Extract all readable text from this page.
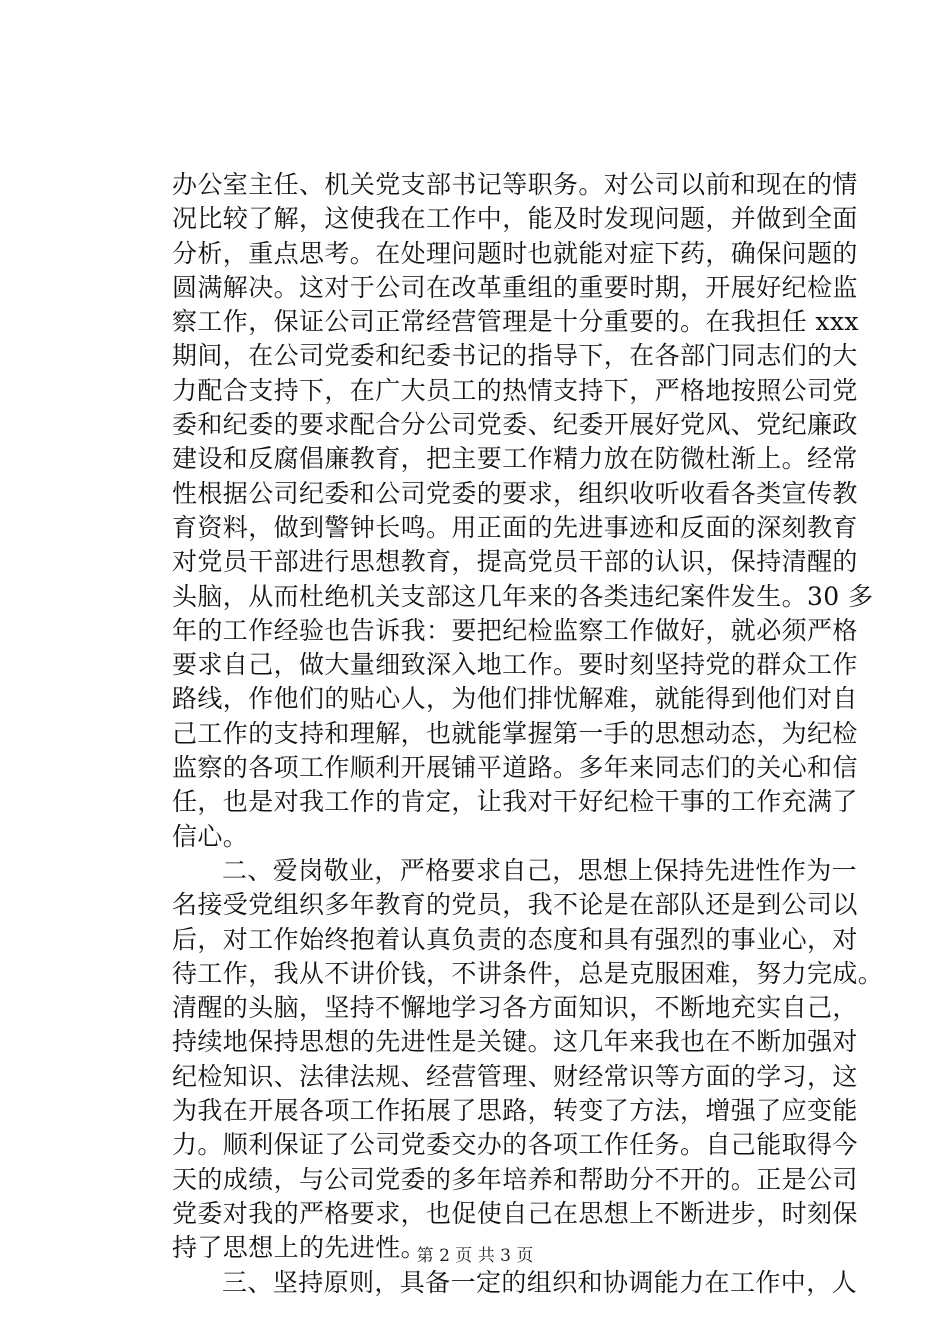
办公室主任、机关党支部书记等职务。对公司以前和现在的情
况比较了解，这使我在工作中，能及时发现问题，并做到全面
分析，重点思考。在处理问题时也就能对症下药，确保问题的
圆满解决。这对于公司在改革重组的重要时期，开展好纪检监
察工作，保证公司正常经营管理是十分重要的。在我担任 xxx
期间，在公司党委和纪委书记的指导下，在各部门同志们的大
力配合支持下，在广大员工的热情支持下，严格地按照公司党
委和纪委的要求配合分公司党委、纪委开展好党风、党纪廉政
建设和反腐倡廉教育，把主要工作精力放在防微杜渐上。经常
性根据公司纪委和公司党委的要求，组织收听收看各类宣传教
育资料，做到警钟长鸣。用正面的先进事迹和反面的深刻教育
对党员干部进行思想教育，提高党员干部的认识，保持清醒的
头脑，从而杜绝机关支部这几年来的各类违纪案件发生。30 多
年的工作经验也告诉我：要把纪检监察工作做好，就必须严格
要求自己，做大量细致深入地工作。要时刻坚持党的群众工作
路线，作他们的贴心人，为他们排忧解难，就能得到他们对自
己工作的支持和理解，也就能掌握第一手的思想动态，为纪检
监察的各项工作顺利开展铺平道路。多年来同志们的关心和信
任，也是对我工作的肯定，让我对干好纪检干事的工作充满了
信心。
二、爱岗敬业，严格要求自己，思想上保持先进性作为一
名接受党组织多年教育的党员，我不论是在部队还是到公司以
后，对工作始终抱着认真负责的态度和具有强烈的事业心，对
待工作，我从不讲价钱，不讲条件，总是克服困难，努力完成。
清醒的头脑，坚持不懈地学习各方面知识，不断地充实自己，
持续地保持思想的先进性是关键。这几年来我也在不断加强对
纪检知识、法律法规、经营管理、财经常识等方面的学习，这
为我在开展各项工作拓展了思路，转变了方法，增强了应变能
力。顺利保证了公司党委交办的各项工作任务。自己能取得今
天的成绩，与公司党委的多年培养和帮助分不开的。正是公司
党委对我的严格要求，也促使自己在思想上不断进步，时刻保
持了思想上的先进性。
三、坚持原则，具备一定的组织和协调能力在工作中，人
第 2 页 共 3 页
